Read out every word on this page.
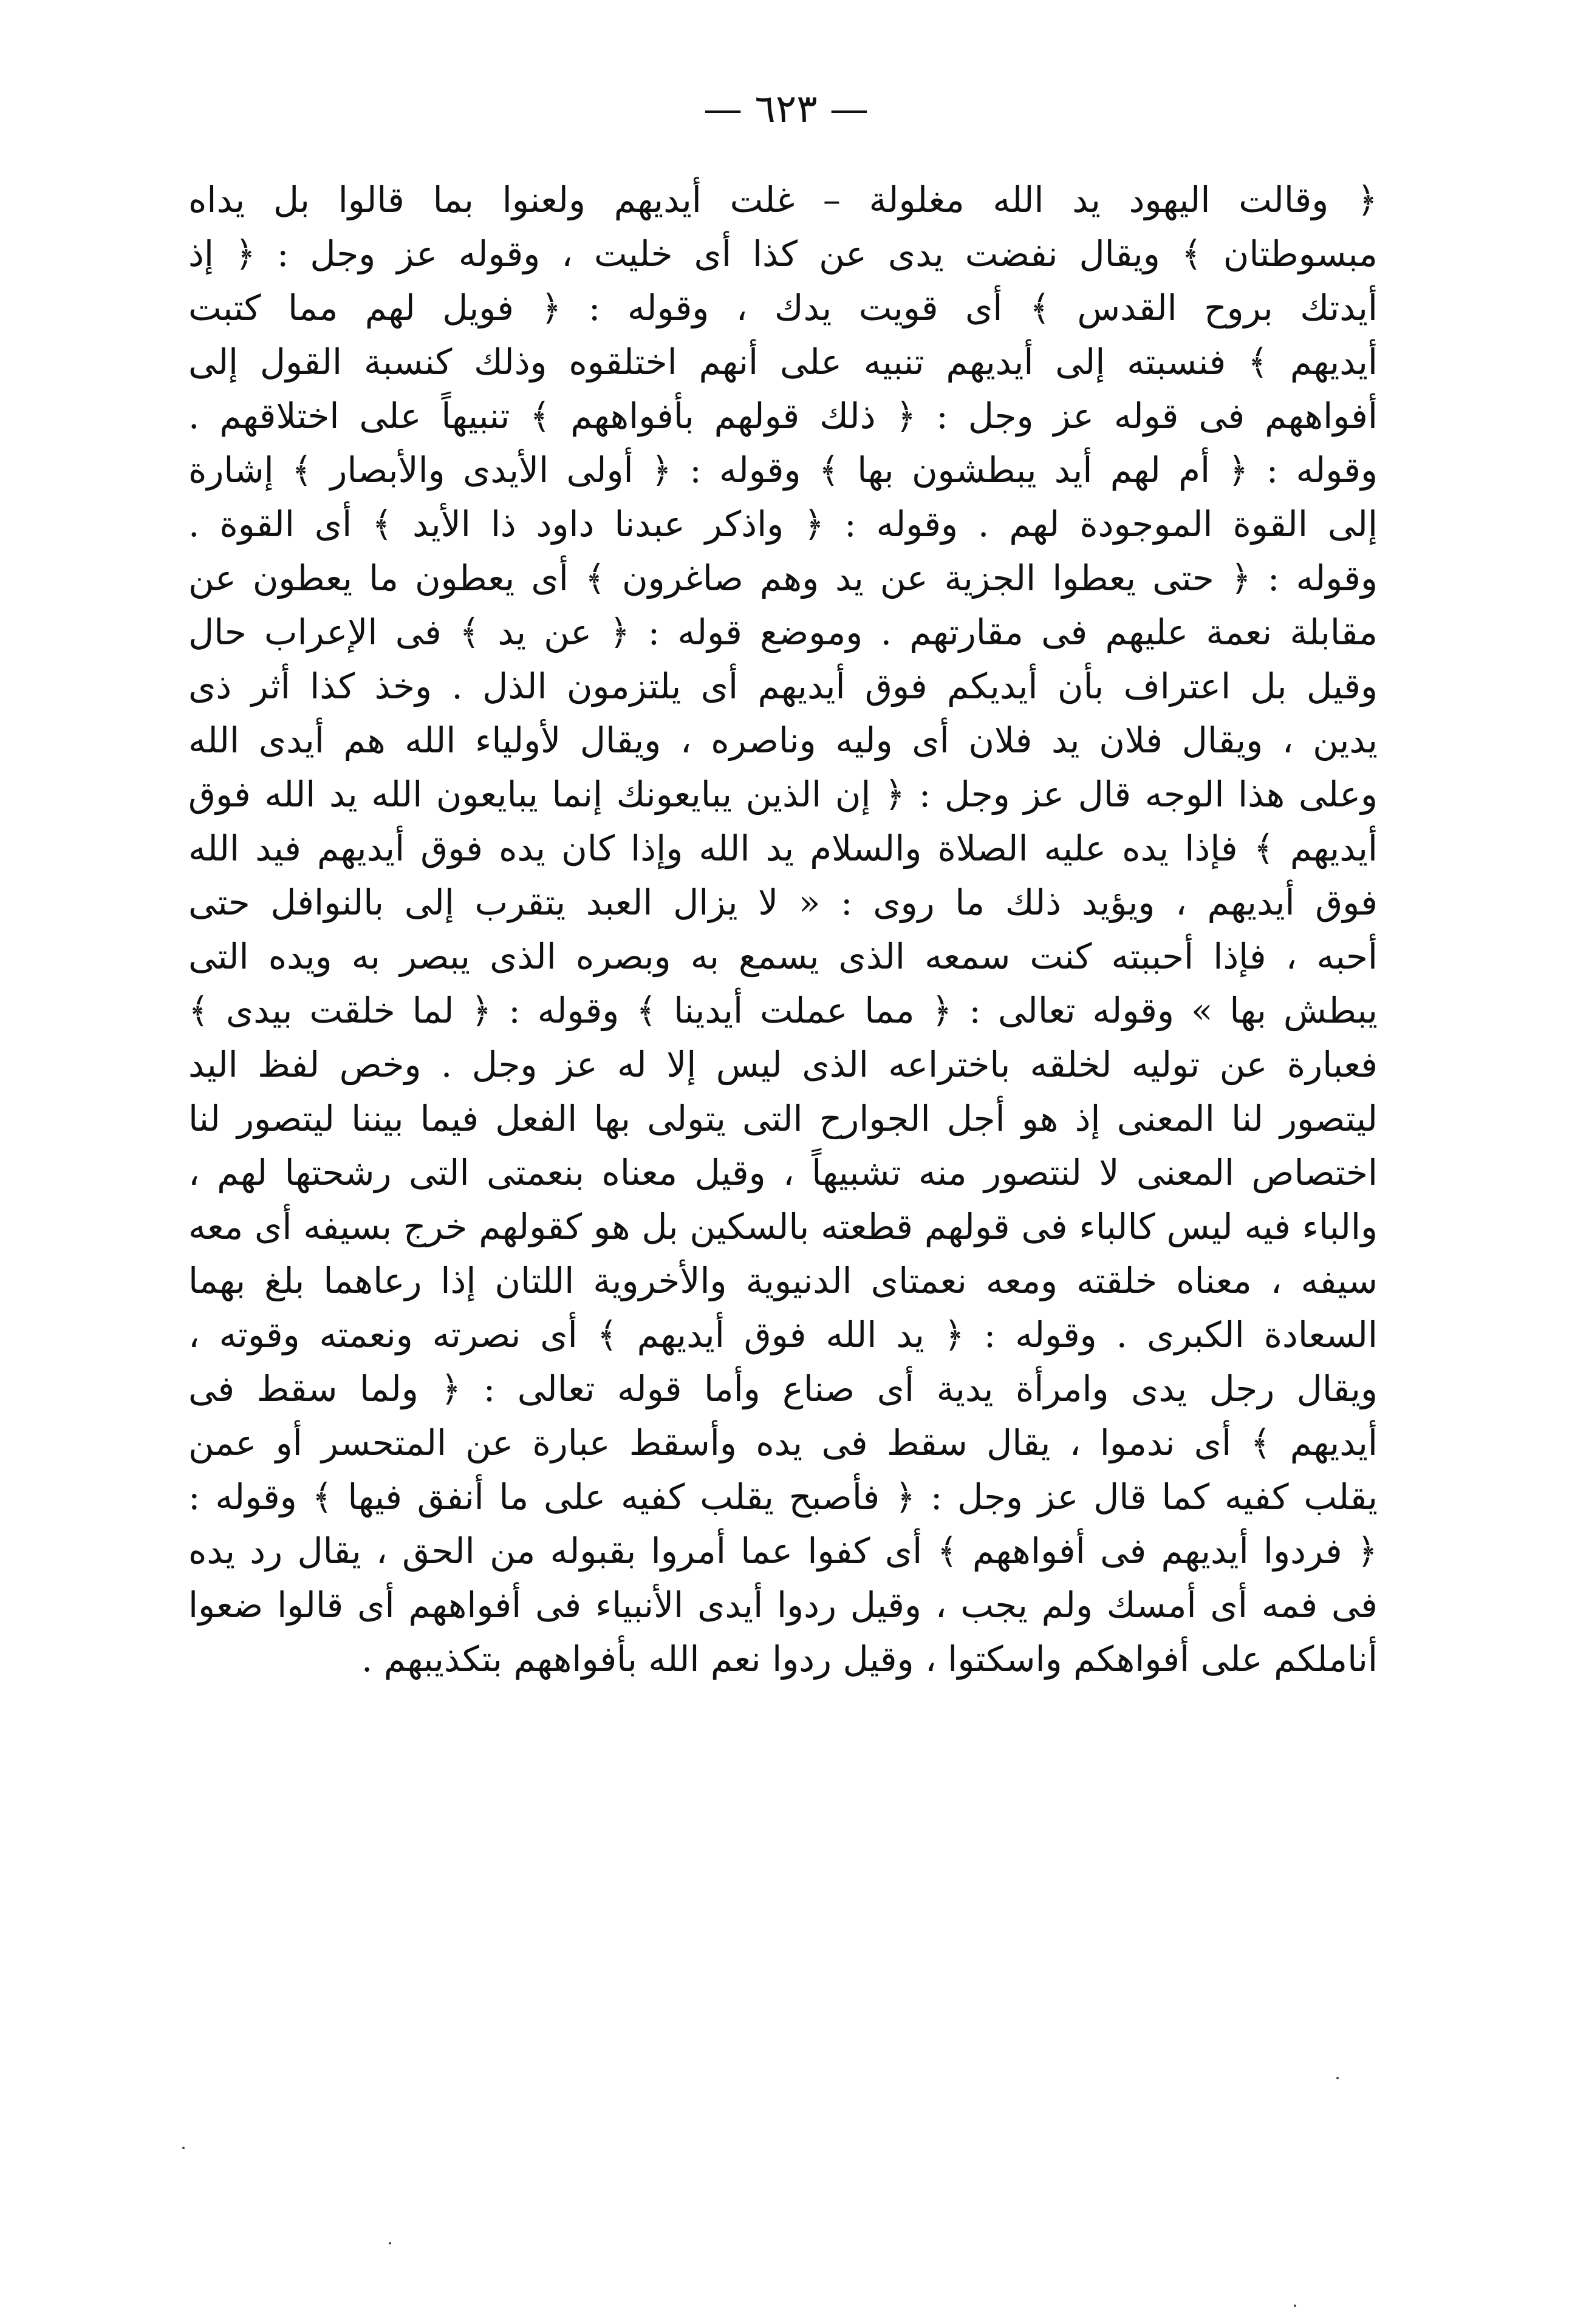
— ٦٢٣ —
﴿ وقالت اليهود يد الله مغلولة – غلت أيديهم ولعنوا بما قالوا بل يداه
مبسوطتان ﴾ ويقال نفضت يدى عن كذا أى خليت ، وقوله عز وجل : ﴿ إذ
أيدتك بروح القدس ﴾ أى قويت يدك ، وقوله : ﴿ فويل لهم مما كتبت
أيديهم ﴾ فنسبته إلى أيديهم تنبيه على أنهم اختلقوه وذلك كنسبة القول إلى
أفواههم فى قوله عز وجل : ﴿ ذلك قولهم بأفواههم ﴾ تنبيهاً على اختلاقهم .
وقوله : ﴿ أم لهم أيد يبطشون بها ﴾ وقوله : ﴿ أولى الأيدى والأبصار ﴾ إشارة
إلى القوة الموجودة لهم . وقوله : ﴿ واذكر عبدنا داود ذا الأيد ﴾ أى القوة .
وقوله : ﴿ حتى يعطوا الجزية عن يد وهم صاغرون ﴾ أى يعطون ما يعطون عن
مقابلة نعمة عليهم فى مقارتهم . وموضع قوله : ﴿ عن يد ﴾ فى الإعراب حال
وقيل بل اعتراف بأن أيديكم فوق أيديهم أى يلتزمون الذل . وخذ كذا أثر ذى
يدين ، ويقال فلان يد فلان أى وليه وناصره ، ويقال لأولياء الله هم أيدى الله
وعلى هذا الوجه قال عز وجل : ﴿ إن الذين يبايعونك إنما يبايعون الله يد الله فوق
أيديهم ﴾ فإذا يده عليه الصلاة والسلام يد الله وإذا كان يده فوق أيديهم فيد الله
فوق أيديهم ، ويؤيد ذلك ما روى : « لا يزال العبد يتقرب إلى بالنوافل حتى
أحبه ، فإذا أحببته كنت سمعه الذى يسمع به وبصره الذى يبصر به ويده التى
يبطش بها » وقوله تعالى : ﴿ مما عملت أيدينا ﴾ وقوله : ﴿ لما خلقت بيدى ﴾
فعبارة عن توليه لخلقه باختراعه الذى ليس إلا له عز وجل . وخص لفظ اليد
ليتصور لنا المعنى إذ هو أجل الجوارح التى يتولى بها الفعل فيما بيننا ليتصور لنا
اختصاص المعنى لا لنتصور منه تشبيهاً ، وقيل معناه بنعمتى التى رشحتها لهم ،
والباء فيه ليس كالباء فى قولهم قطعته بالسكين بل هو كقولهم خرج بسيفه أى معه
سيفه ، معناه خلقته ومعه نعمتاى الدنيوية والأخروية اللتان إذا رعاهما بلغ بهما
السعادة الكبرى . وقوله : ﴿ يد الله فوق أيديهم ﴾ أى نصرته ونعمته وقوته ،
ويقال رجل يدى وامرأة يدية أى صناع وأما قوله تعالى : ﴿ ولما سقط فى
أيديهم ﴾ أى ندموا ، يقال سقط فى يده وأسقط عبارة عن المتحسر أو عمن
يقلب كفيه كما قال عز وجل : ﴿ فأصبح يقلب كفيه على ما أنفق فيها ﴾ وقوله :
﴿ فردوا أيديهم فى أفواههم ﴾ أى كفوا عما أمروا بقبوله من الحق ، يقال رد يده
فى فمه أى أمسك ولم يجب ، وقيل ردوا أيدى الأنبياء فى أفواههم أى قالوا ضعوا
أناملكم على أفواهكم واسكتوا ، وقيل ردوا نعم الله بأفواههم بتكذيبهم .
